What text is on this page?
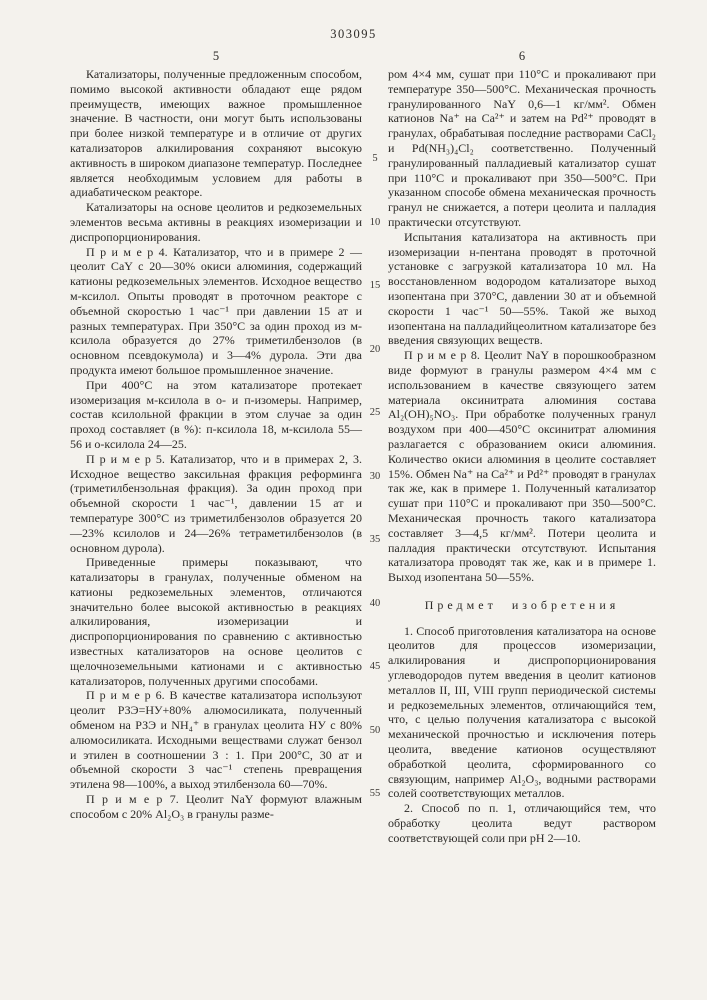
303095
5	6

Катализаторы, полученные предложенным способом, помимо высокой активности обладают еще рядом преимуществ, имеющих важное промышленное значение. В частности, они могут быть использованы при более низкой температуре и в отличие от других катализаторов алкилирования сохраняют высокую активность в широком диапазоне температур. Последнее является необходимым условием для работы в адиабатическом реакторе.

Катализаторы на основе цеолитов и редкоземельных элементов весьма активны в реакциях изомеризации и диспропорционирования.

П р и м е р 4. Катализатор, что и в примере 2 — цеолит CaY с 20—30% окиси алюминия, содержащий катионы редкоземельных элементов. Исходное вещество м-ксилол. Опыты проводят в проточном реакторе с объемной скоростью 1 час⁻¹ при давлении 15 ат и разных температурах. При 350°С за один проход из м-ксилола образуется до 27% триметилбензолов (в основном псевдокумола) и 3—4% дурола. Эти два продукта имеют большое промышленное значение.

При 400°С на этом катализаторе протекает изомеризация м-ксилола в о- и п-изомеры. Например, состав ксилольной фракции в этом случае за один проход составляет (в %): п-ксилола 18, м-ксилола 55—56 и о-ксилола 24—25.

П р и м е р 5. Катализатор, что и в примерах 2, 3. Исходное вещество заксильная фракция реформинга (триметилбензольная фракция). За один проход при объемной скорости 1 час⁻¹, давлении 15 ат и температуре 300°С из триметилбензолов образуется 20—23% ксилолов и 24—26% тетраметилбензолов (в основном дурола).

Приведенные примеры показывают, что катализаторы в гранулах, полученные обменом на катионы редкоземельных элементов, отличаются значительно более высокой активностью в реакциях алкилирования, изомеризации и диспропорционирования по сравнению с активностью известных катализаторов на основе цеолитов с щелочноземельными катионами и с активностью катализаторов, полученных другими способами.

П р и м е р 6. В качестве катализатора используют цеолит РЗЭ=НУ+80% алюмосиликата, полученный обменом на РЗЭ и NH₄⁺ в гранулах цеолита НУ с 80% алюмосиликата. Исходными веществами служат бензол и этилен в соотношении 3 : 1. При 200°С, 30 ат и объемной скорости 3 час⁻¹ степень превращения этилена 98—100%, а выход этилбензола 60—70%.

П р и м е р 7. Цеолит NaY формуют влажным способом с 20% Al₂O₃ в гранулы разме-

5
10
15
20
25
30
35
40
45
50
55

ром 4×4 мм, сушат при 110°С и прокаливают при температуре 350—500°С. Механическая прочность гранулированного NaY 0,6—1 кг/мм². Обмен катионов Na⁺ на Ca²⁺ и затем на Pd²⁺ проводят в гранулах, обрабатывая последние растворами CaCl₂ и Pd(NH₃)₄Cl₂ соответственно. Полученный гранулированный палладиевый катализатор сушат при 110°С и прокаливают при 350—500°С. При указанном способе обмена механическая прочность гранул не снижается, а потери цеолита и палладия практически отсутствуют.

Испытания катализатора на активность при изомеризации н-пентана проводят в проточной установке с загрузкой катализатора 10 мл. На восстановленном водородом катализаторе выход изопентана при 370°С, давлении 30 ат и объемной скорости 1 час⁻¹ 50—55%. Такой же выход изопентана на палладийцеолитном катализаторе без введения связующих веществ.

П р и м е р 8. Цеолит NaY в порошкообразном виде формуют в гранулы размером 4×4 мм с использованием в качестве связующего затем материала оксинитрата алюминия состава Al₂(OH)₅NO₃. При обработке полученных гранул воздухом при 400—450°С оксинитрат алюминия разлагается с образованием окиси алюминия. Количество окиси алюминия в цеолите составляет 15%. Обмен Na⁺ на Ca²⁺ и Pd²⁺ проводят в гранулах так же, как в примере 1. Полученный катализатор сушат при 110°С и прокаливают при 350—500°С. Механическая прочность такого катализатора составляет 3—4,5 кг/мм². Потери цеолита и палладия практически отсутствуют. Испытания катализатора проводят так же, как и в примере 1. Выход изопентана 50—55%.

Предмет изобретения

1. Способ приготовления катализатора на основе цеолитов для процессов изомеризации, алкилирования и диспропорционирования углеводородов путем введения в цеолит катионов металлов II, III, VIII групп периодической системы и редкоземельных элементов, отличающийся тем, что, с целью получения катализатора с высокой механической прочностью и исключения потерь цеолита, введение катионов осуществляют обработкой цеолита, сформированного со связующим, например Al₂O₃, водными растворами солей соответствующих металлов.

2. Способ по п. 1, отличающийся тем, что обработку цеолита ведут раствором соответствующей соли при pH 2—10.
